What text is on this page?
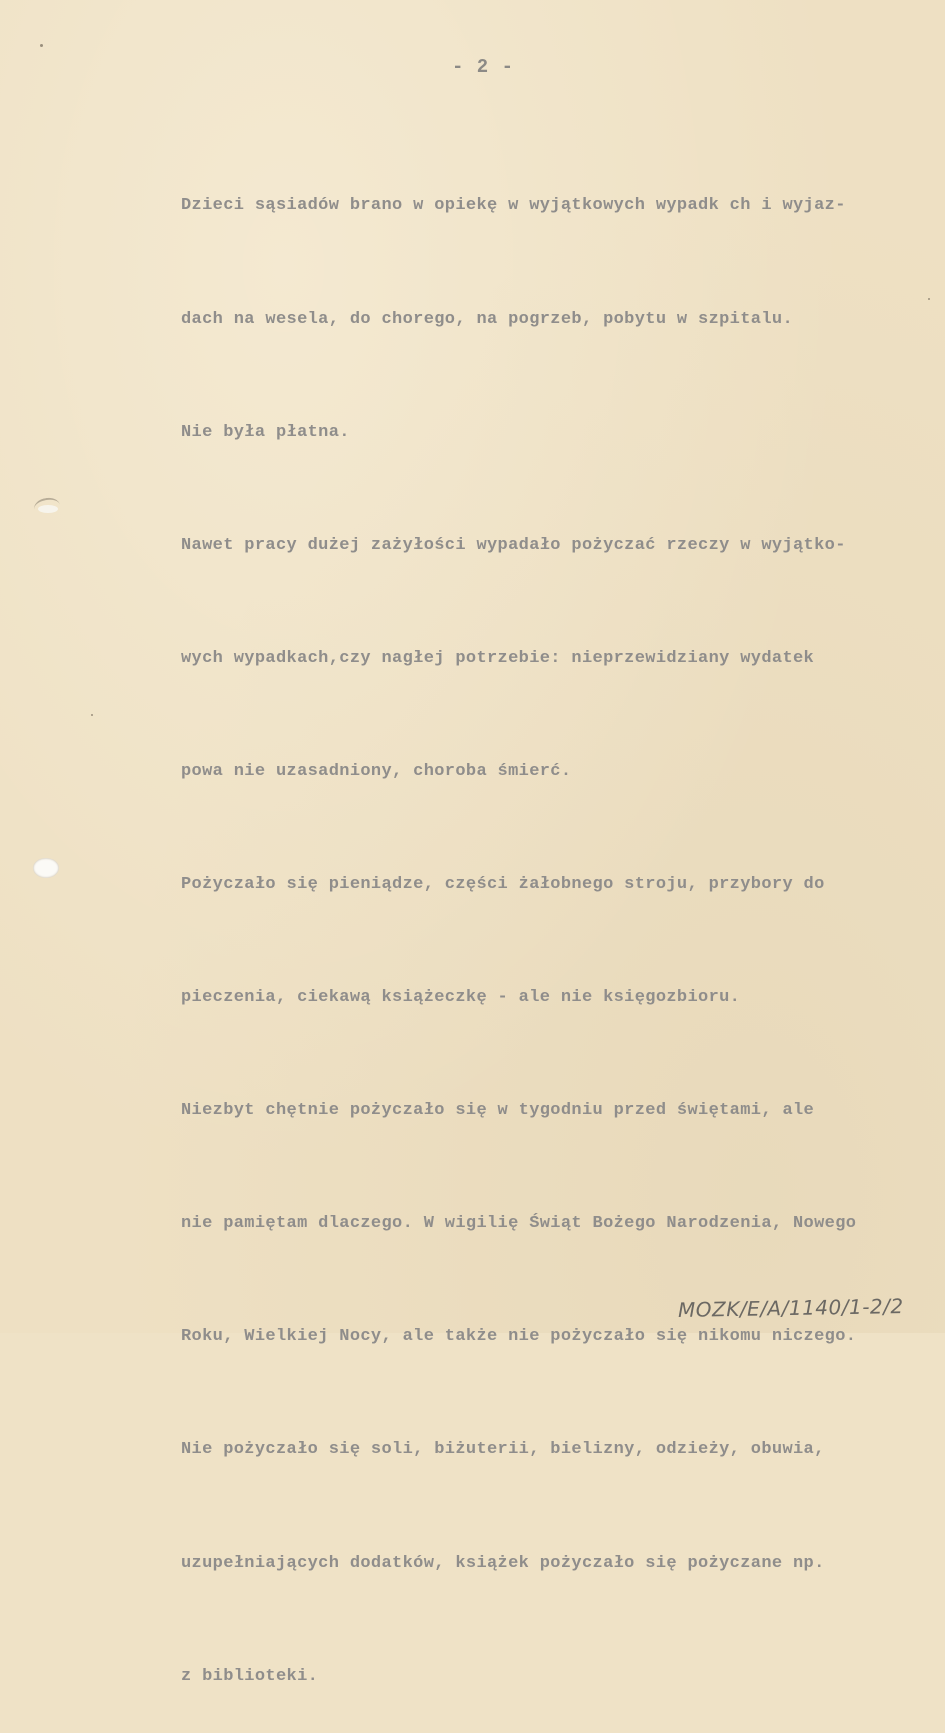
- 2 -

Dzieci sąsiadów brano w opiekę w wyjątkowych wypadk ch i wyjaz-

dach na wesela, do chorego, na pogrzeb, pobytu w szpitalu.

Nie była płatna.

Nawet pracy dużej zażyłości wypadało pożyczać rzeczy w wyjątko-

wych wypadkach,czy nagłej potrzebie: nieprzewidziany wydatek

powa nie uzasadniony, choroba śmierć.

Pożyczało się pieniądze, części żałobnego stroju, przybory do

pieczenia, ciekawą książeczkę - ale nie księgozbioru.

Niezbyt chętnie pożyczało się w tygodniu przed świętami, ale

nie pamiętam dlaczego. W wigilię Świąt Bożego Narodzenia, Nowego

Roku, Wielkiej Nocy, ale także nie pożyczało się nikomu niczego.

Nie pożyczało się soli, biżuterii, bielizny, odzieży, obuwia,

uzupełniających dodatków, książek pożyczało się pożyczane np.

z biblioteki.

MOZK/E/A/1140/1-2/2
